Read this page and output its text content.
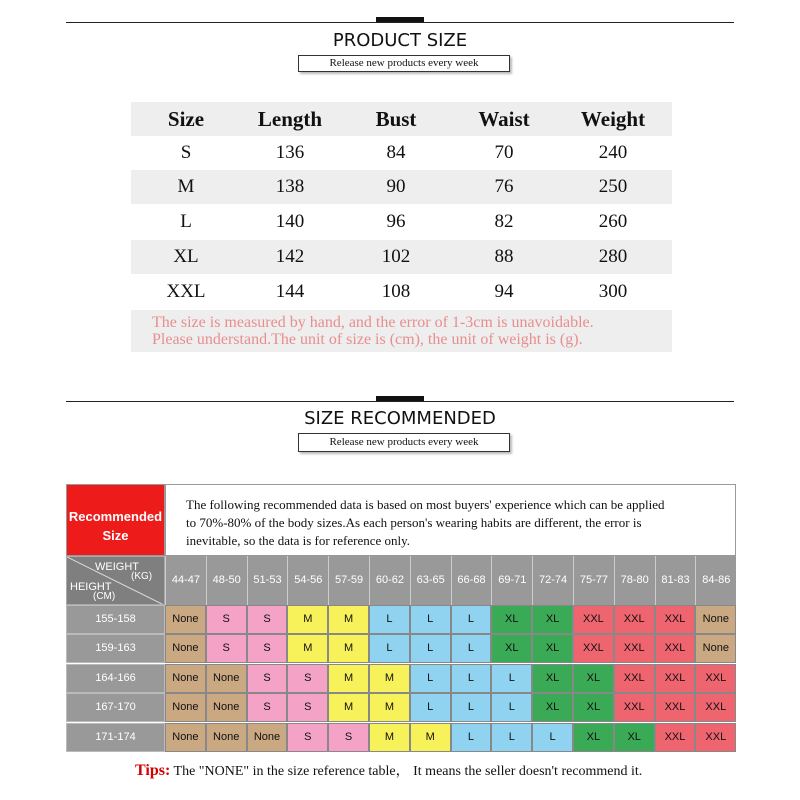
PRODUCT SIZE
Release new products every week
Size	Length	Bust	Waist	Weight
S	136	84	70	240
M	138	90	76	250
L	140	96	82	260
XL	142	102	88	280
XXL	144	108	94	300
The size is measured by hand, and the error of 1-3cm is unavoidable.
Please understand.The unit of size is (cm), the unit of weight is (g).
SIZE RECOMMENDED
Release new products every week
Recommended
Size
The following recommended data is based on most buyers' experience which can be applied
to 70%-80% of the body sizes.As each person's wearing habits are different, the error is
inevitable, so the data is for reference only.
WEIGHT
(KG)
HEIGHT
(CM)
44-47	48-50	51-53	54-56	57-59	60-62	63-65	66-68	69-71	72-74	75-77	78-80	81-83	84-86
155-158	None	S	S	M	M	L	L	L	XL	XL	XXL	XXL	XXL	None
159-163	None	S	S	M	M	L	L	L	XL	XL	XXL	XXL	XXL	None
164-166	None	None	S	S	M	M	L	L	L	XL	XL	XXL	XXL	XXL
167-170	None	None	S	S	M	M	L	L	L	XL	XL	XXL	XXL	XXL
171-174	None	None	None	S	S	M	M	L	L	L	XL	XL	XXL	XXL
Tips: The "NONE" in the size reference table， It means the seller doesn't recommend it.
